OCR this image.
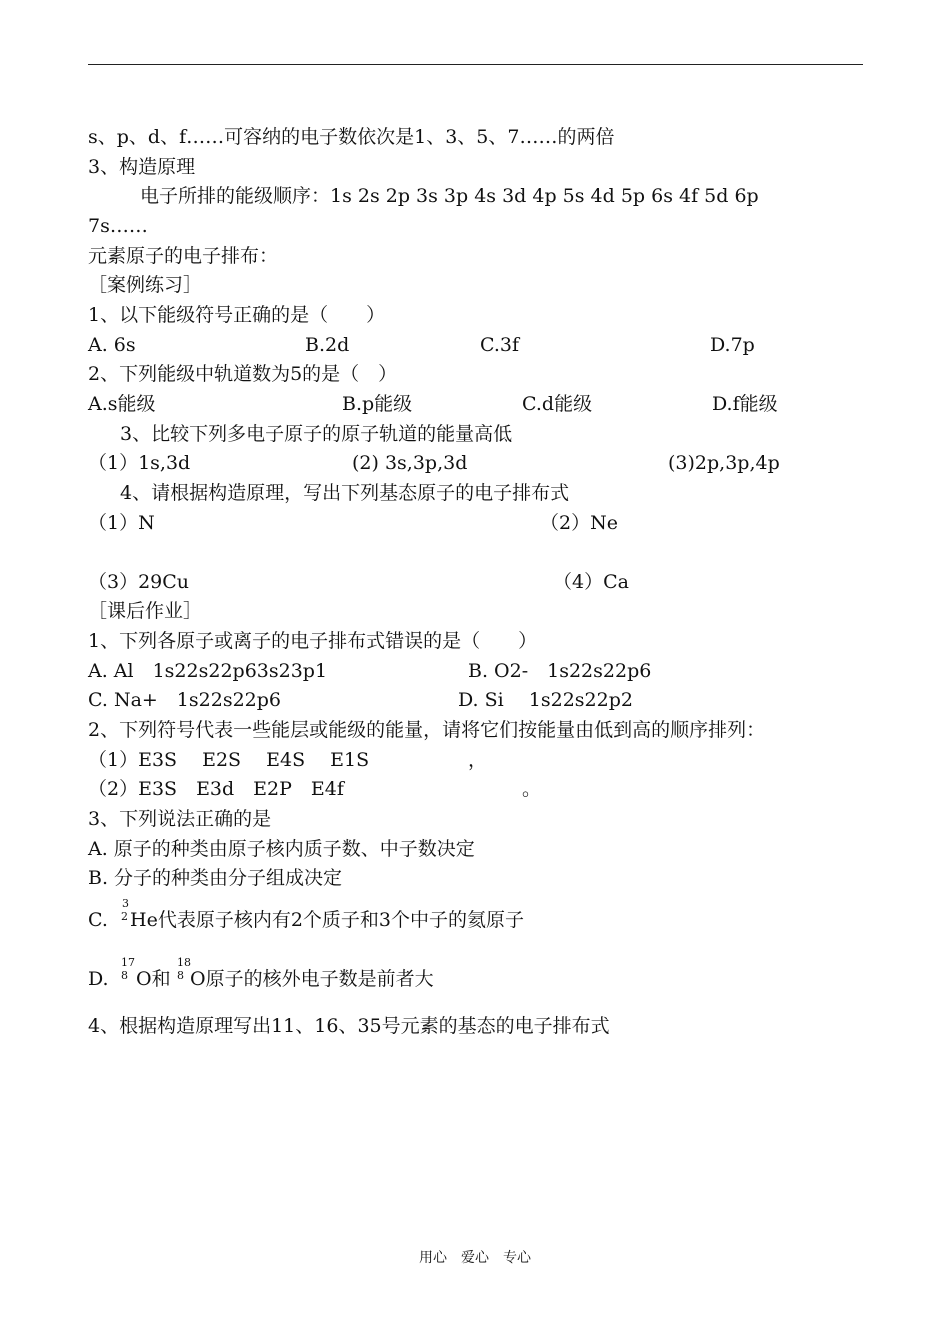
s、p、d、f……可容纳的电子数依次是1、3、5、7……的两倍
3、构造原理
电子所排的能级顺序：1s 2s 2p 3s 3p 4s 3d 4p 5s 4d 5p 6s 4f 5d 6p
7s……
元素原子的电子排布：
［案例练习］
1、以下能级符号正确的是（　　）
A. 6s	B.2d	C.3f	D.7p
2、下列能级中轨道数为5的是（　）
A.s能级	B.p能级	C.d能级	D.f能级
3、比较下列多电子原子的原子轨道的能量高低
（1）1s,3d	(2) 3s,3p,3d	(3)2p,3p,4p
4、请根据构造原理，写出下列基态原子的电子排布式
（1）N	（2）Ne
（3）29Cu	（4）Ca
［课后作业］
1、下列各原子或离子的电子排布式错误的是（　　）
A. Al　1s22s22p63s23p1	B. O2-　1s22s22p6
C. Na+　1s22s22p6	D. Si　 1s22s22p2
2、下列符号代表一些能层或能级的能量，请将它们按能量由低到高的顺序排列：
（1）E3S　 E2S　 E4S　 E1S	，
（2）E3S　E3d　E2P　E4f	。
3、下列说法正确的是
A. 原子的种类由原子核内质子数、中子数决定
B. 分子的种类由分子组成决定
C.
3
2 He代表原子核内有2个质子和3个中子的氦原子
D.
17
8 O和
18
8 O原子的核外电子数是前者大
4、根据构造原理写出11、16、35号元素的基态的电子排布式
用心　爱心　专心
